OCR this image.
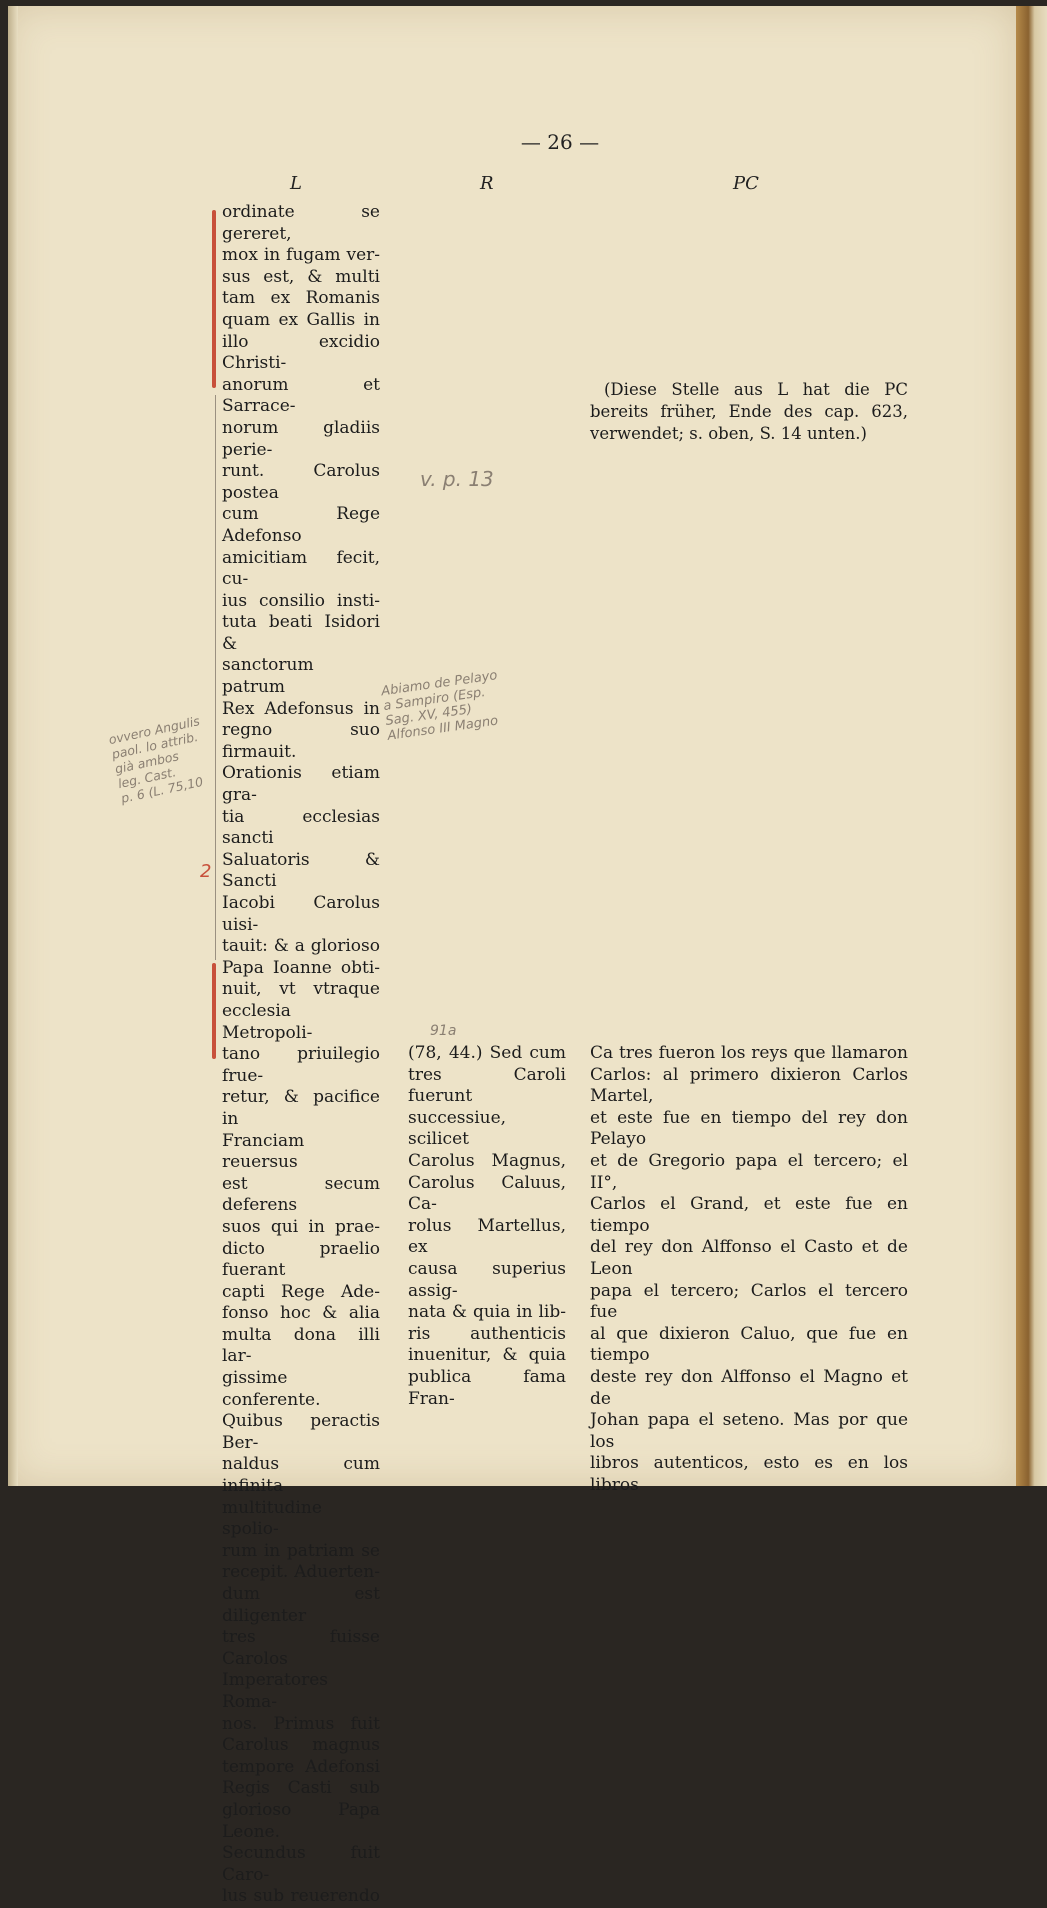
— 26 —
L	R	PC
ordinate se gereret,
mox in fugam ver-
sus est, & multi
tam ex Romanis
quam ex Gallis in
illo excidio Christi-
anorum et Sarrace-
norum gladiis perie-
runt. Carolus postea
cum Rege Adefonso
amicitiam fecit, cu-
ius consilio insti-
tuta beati Isidori &
sanctorum patrum
Rex Adefonsus in
regno suo firmauit.
Orationis etiam gra-
tia ecclesias sancti
Saluatoris & Sancti
Iacobi Carolus uisi-
tauit: & a glorioso
Papa Ioanne obti-
nuit, vt vtraque
ecclesia Metropoli-
tano priuilegio frue-
retur, & pacifice in
Franciam reuersus
est secum deferens
suos qui in prae-
dicto praelio fuerant
capti Rege Ade-
fonso hoc & alia
multa dona illi lar-
gissime conferente.
Quibus peractis Ber-
naldus cum infinita
multitudine spolio-
rum in patriam se
recepit. Aduerten-
dum est diligenter
tres fuisse Carolos
Imperatores Roma-
nos. Primus fuit
Carolus magnus
tempore Adefonsi
Regis Casti sub
glorioso Papa Leone.
Secundus fuit Caro-
lus sub reuerendo
(78, 44.) Sed cum
tres Caroli fuerunt
successiue, scilicet
Carolus Magnus,
Carolus Caluus, Ca-
rolus Martellus, ex
causa superius assig-
nata & quia in lib-
ris authenticis
inuenitur, & quia
publica fama Fran-
(Diese Stelle aus L hat die PC bereits früher, Ende des cap. 623, verwendet; s. oben, S. 14 unten.)
Ca tres fueron los reys que llamaron
Carlos: al primero dixieron Carlos Martel,
et este fue en tiempo del rey don Pelayo
et de Gregorio papa el tercero; el II°,
Carlos el Grand, et este fue en tiempo
del rey don Alffonso el Casto et de Leon
papa el tercero; Carlos el tercero fue
al que dixieron Caluo, que fue en tiempo
deste rey don Alffonso el Magno et de
Johan papa el seteno. Mas por que los
libros autenticos, esto es en los libros
v. p. 13
Abiamo de Pelayo
a Sampiro (Esp.
Sag. XV, 455)
Alfonso III Magno
ovvero Angulis
paol. lo attrib.
già ambos
leg. Cast.
p. 6 (L. 75,10
91a
2
